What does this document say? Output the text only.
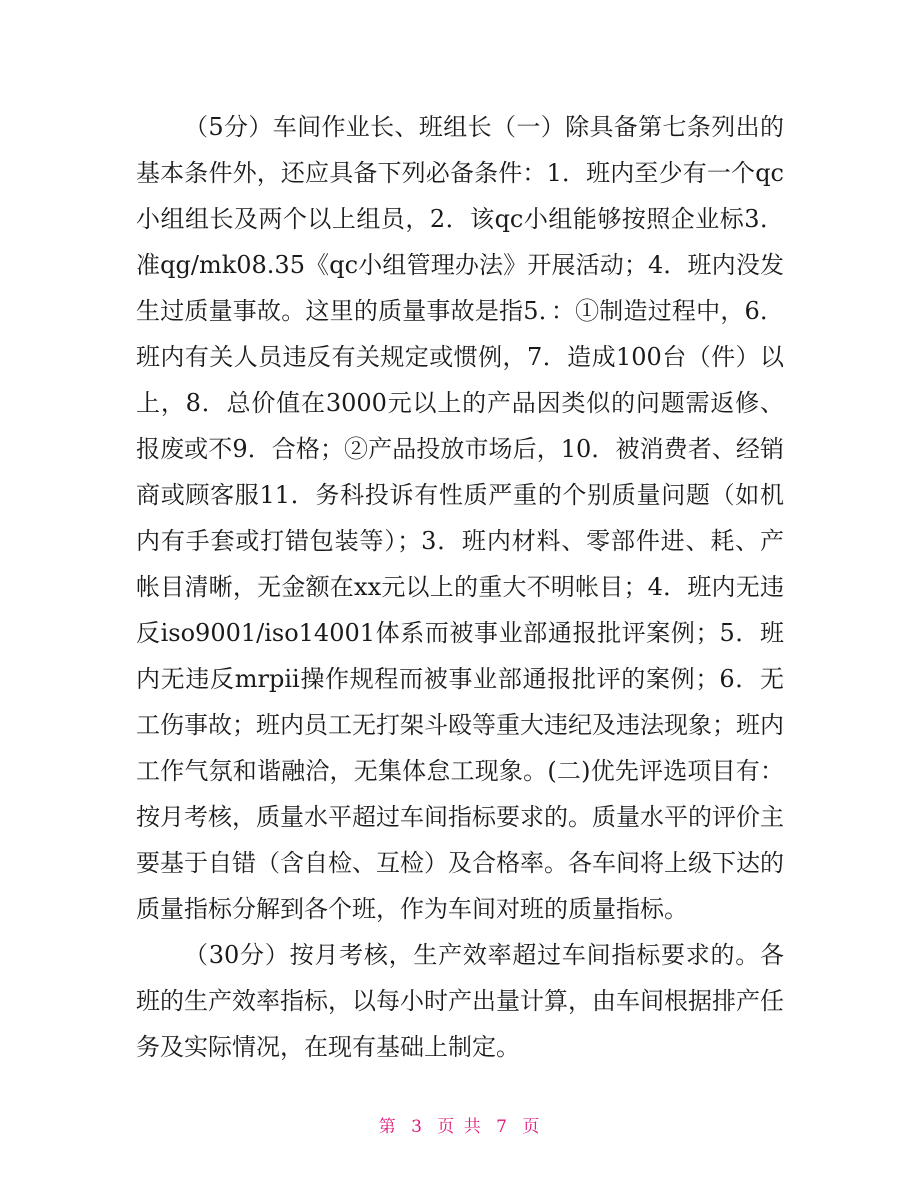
（5分）车间作业长、班组长（一）除具备第七条列出的基本条件外，还应具备下列必备条件：1．班内至少有一个qc小组组长及两个以上组员，2．该qc小组能够按照企业标3．准qg/mk08.35《qc小组管理办法》开展活动；4．班内没发生过质量事故。这里的质量事故是指5．：①制造过程中，6．班内有关人员违反有关规定或惯例，7．造成100台（件）以上，8．总价值在3000元以上的产品因类似的问题需返修、报废或不9．合格；②产品投放市场后，10．被消费者、经销商或顾客服11．务科投诉有性质严重的个别质量问题（如机内有手套或打错包装等）；3．班内材料、零部件进、耗、产帐目清晰，无金额在xx元以上的重大不明帐目；4．班内无违反iso9001/iso14001体系而被事业部通报批评案例；5．班内无违反mrpii操作规程而被事业部通报批评的案例；6．无工伤事故；班内员工无打架斗殴等重大违纪及违法现象；班内工作气氛和谐融洽，无集体怠工现象。(二)优先评选项目有：按月考核，质量水平超过车间指标要求的。质量水平的评价主要基于自错（含自检、互检）及合格率。各车间将上级下达的质量指标分解到各个班，作为车间对班的质量指标。

（30分）按月考核，生产效率超过车间指标要求的。各班的生产效率指标，以每小时产出量计算，由车间根据排产任务及实际情况，在现有基础上制定。

第 3 页 共 7 页
